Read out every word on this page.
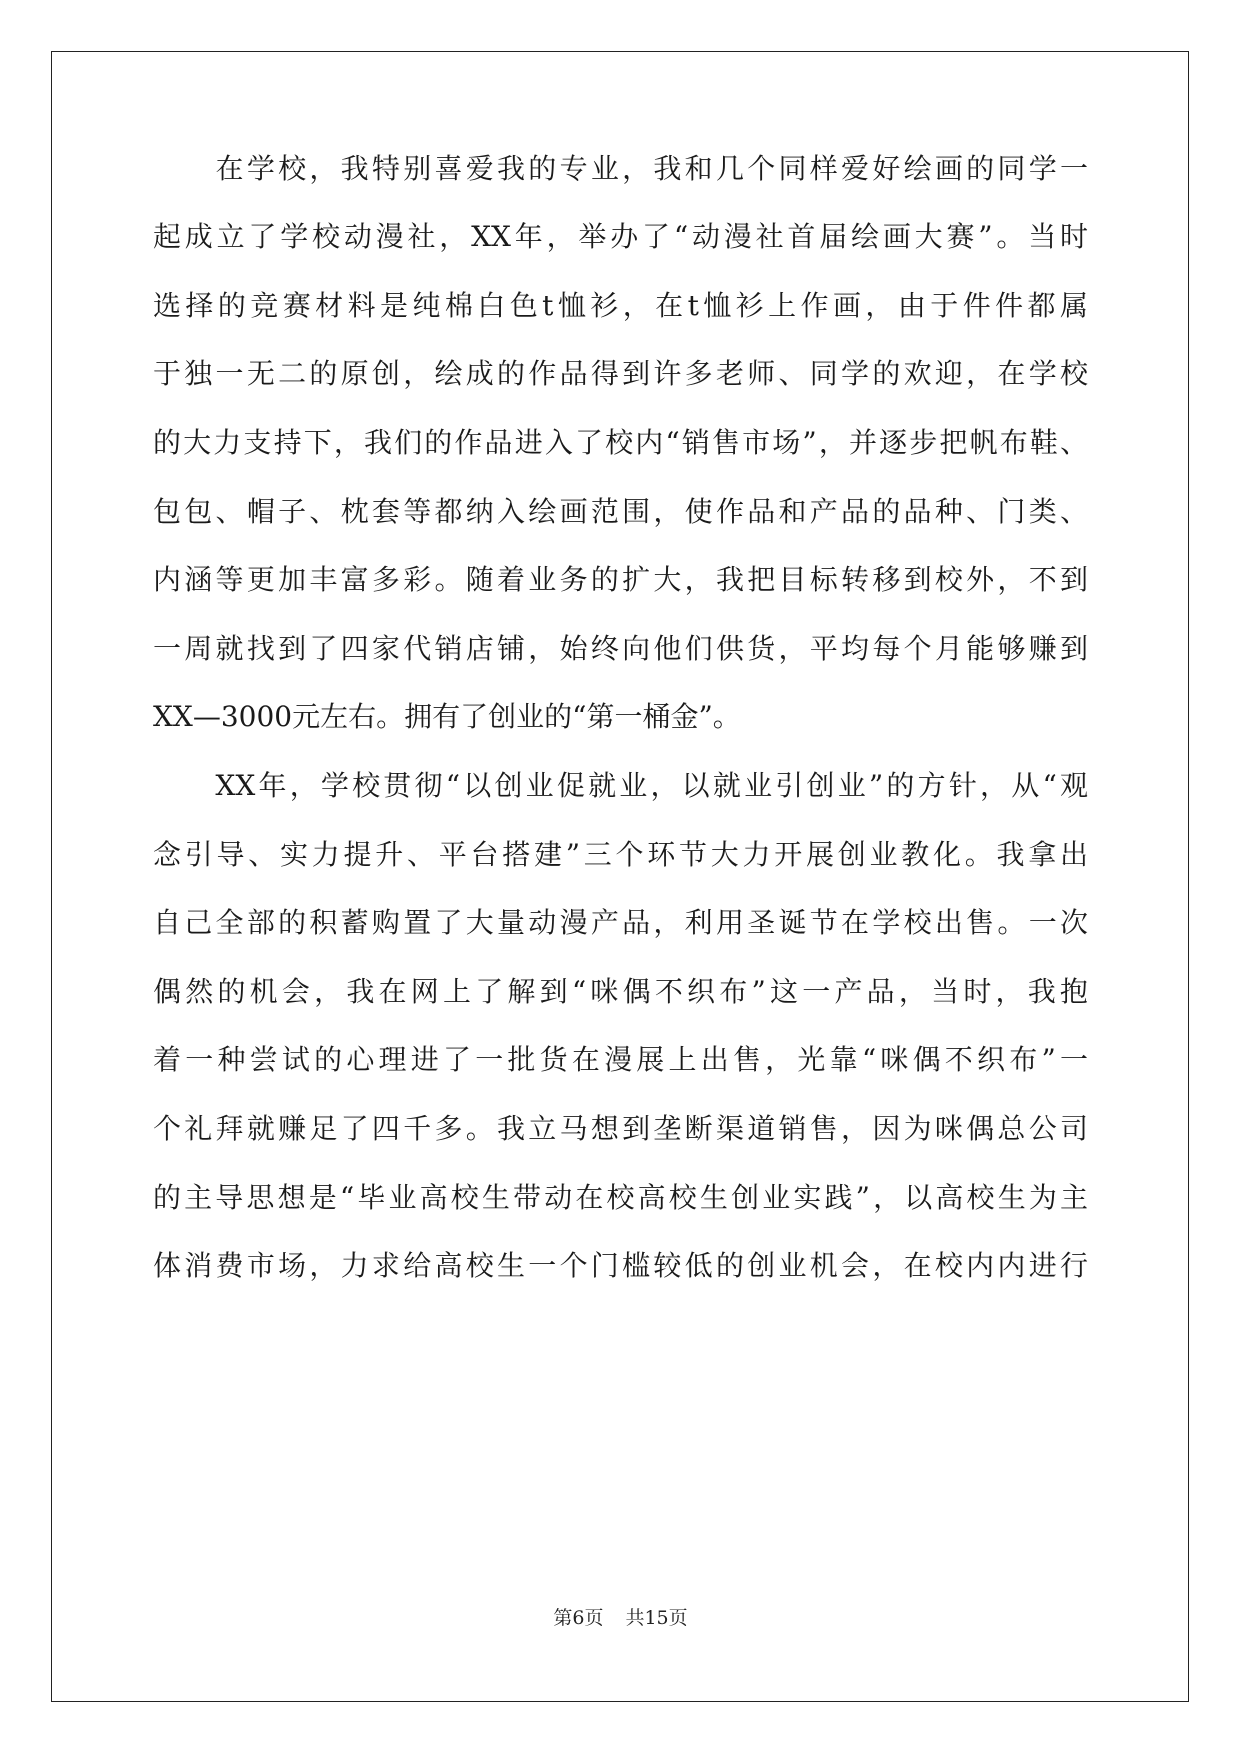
　　在学校，我特别喜爱我的专业，我和几个同样爱好绘画的同学一
起成立了学校动漫社，XX年，举办了“动漫社首届绘画大赛”。当时
选择的竞赛材料是纯棉白色t恤衫，在t恤衫上作画，由于件件都属
于独一无二的原创，绘成的作品得到许多老师、同学的欢迎，在学校
的大力支持下，我们的作品进入了校内“销售市场”，并逐步把帆布鞋、
包包、帽子、枕套等都纳入绘画范围，使作品和产品的品种、门类、
内涵等更加丰富多彩。随着业务的扩大，我把目标转移到校外，不到
一周就找到了四家代销店铺，始终向他们供货，平均每个月能够赚到
XX—3000元左右。拥有了创业的“第一桶金”。
　　XX年，学校贯彻“以创业促就业，以就业引创业”的方针，从“观
念引导、实力提升、平台搭建”三个环节大力开展创业教化。我拿出
自己全部的积蓄购置了大量动漫产品，利用圣诞节在学校出售。一次
偶然的机会，我在网上了解到“咪偶不织布”这一产品，当时，我抱
着一种尝试的心理进了一批货在漫展上出售，光靠“咪偶不织布”一
个礼拜就赚足了四千多。我立马想到垄断渠道销售，因为咪偶总公司
的主导思想是“毕业高校生带动在校高校生创业实践”，以高校生为主
体消费市场，力求给高校生一个门槛较低的创业机会，在校内内进行
第6页 共15页
